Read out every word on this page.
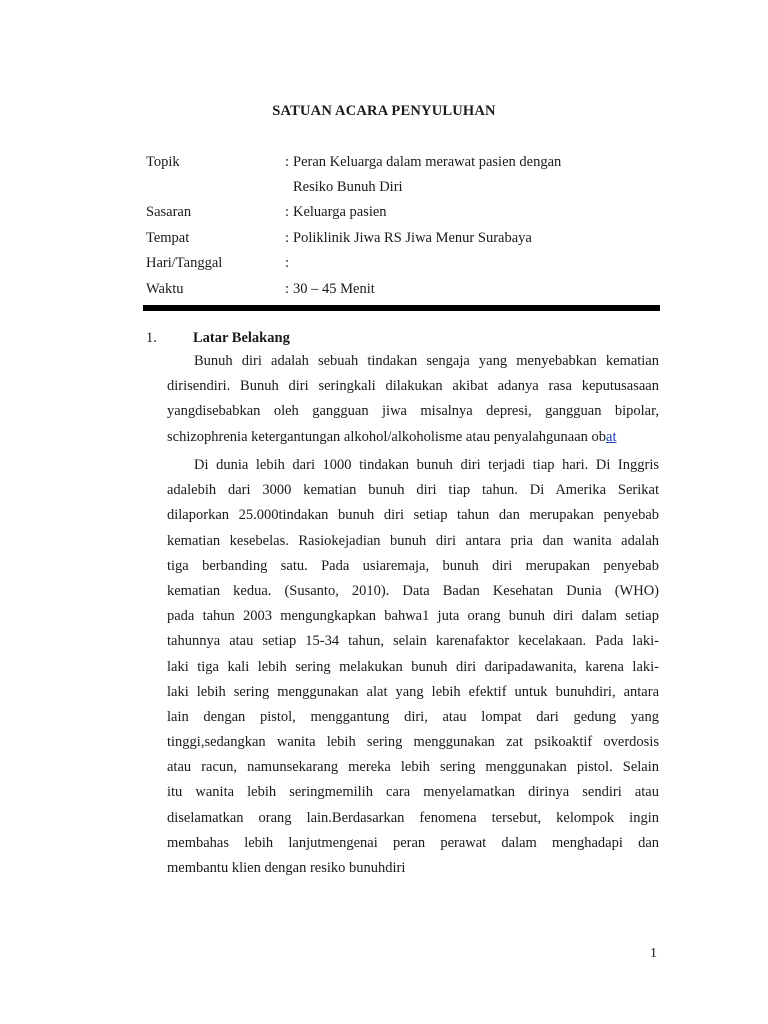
SATUAN ACARA PENYULUHAN
Topik	: Peran Keluarga dalam merawat pasien dengan
Resiko Bunuh Diri
Sasaran	: Keluarga pasien
Tempat	: Poliklinik Jiwa RS Jiwa Menur Surabaya
Hari/Tanggal	:
Waktu	: 30 – 45 Menit
1. Latar Belakang
Bunuh diri adalah sebuah tindakan sengaja yang menyebabkan kematian
dirisendiri. Bunuh diri seringkali dilakukan akibat adanya rasa keputusasaan
yangdisebabkan oleh gangguan jiwa misalnya depresi, gangguan bipolar,
schizophrenia ketergantungan alkohol/alkoholisme atau penyalahgunaan obat
Di dunia lebih dari 1000 tindakan bunuh diri terjadi tiap hari. Di Inggris
adalebih dari 3000 kematian bunuh diri tiap tahun. Di Amerika Serikat
dilaporkan 25.000tindakan bunuh diri setiap tahun dan merupakan penyebab
kematian kesebelas. Rasiokejadian bunuh diri antara pria dan wanita adalah
tiga berbanding satu. Pada usiaremaja, bunuh diri merupakan penyebab
kematian kedua. (Susanto, 2010). Data Badan Kesehatan Dunia (WHO)
pada tahun 2003 mengungkapkan bahwa1 juta orang bunuh diri dalam setiap
tahunnya atau setiap 15-34 tahun, selain karenafaktor kecelakaan. Pada laki-
laki tiga kali lebih sering melakukan bunuh diri daripadawanita, karena laki-
laki lebih sering menggunakan alat yang lebih efektif untuk bunuhdiri, antara
lain dengan pistol, menggantung diri, atau lompat dari gedung yang
tinggi,sedangkan wanita lebih sering menggunakan zat psikoaktif overdosis
atau racun, namunsekarang mereka lebih sering menggunakan pistol. Selain
itu wanita lebih seringmemilih cara menyelamatkan dirinya sendiri atau
diselamatkan orang lain.Berdasarkan fenomena tersebut, kelompok ingin
membahas lebih lanjutmengenai peran perawat dalam menghadapi dan
membantu klien dengan resiko bunuhdiri
1
